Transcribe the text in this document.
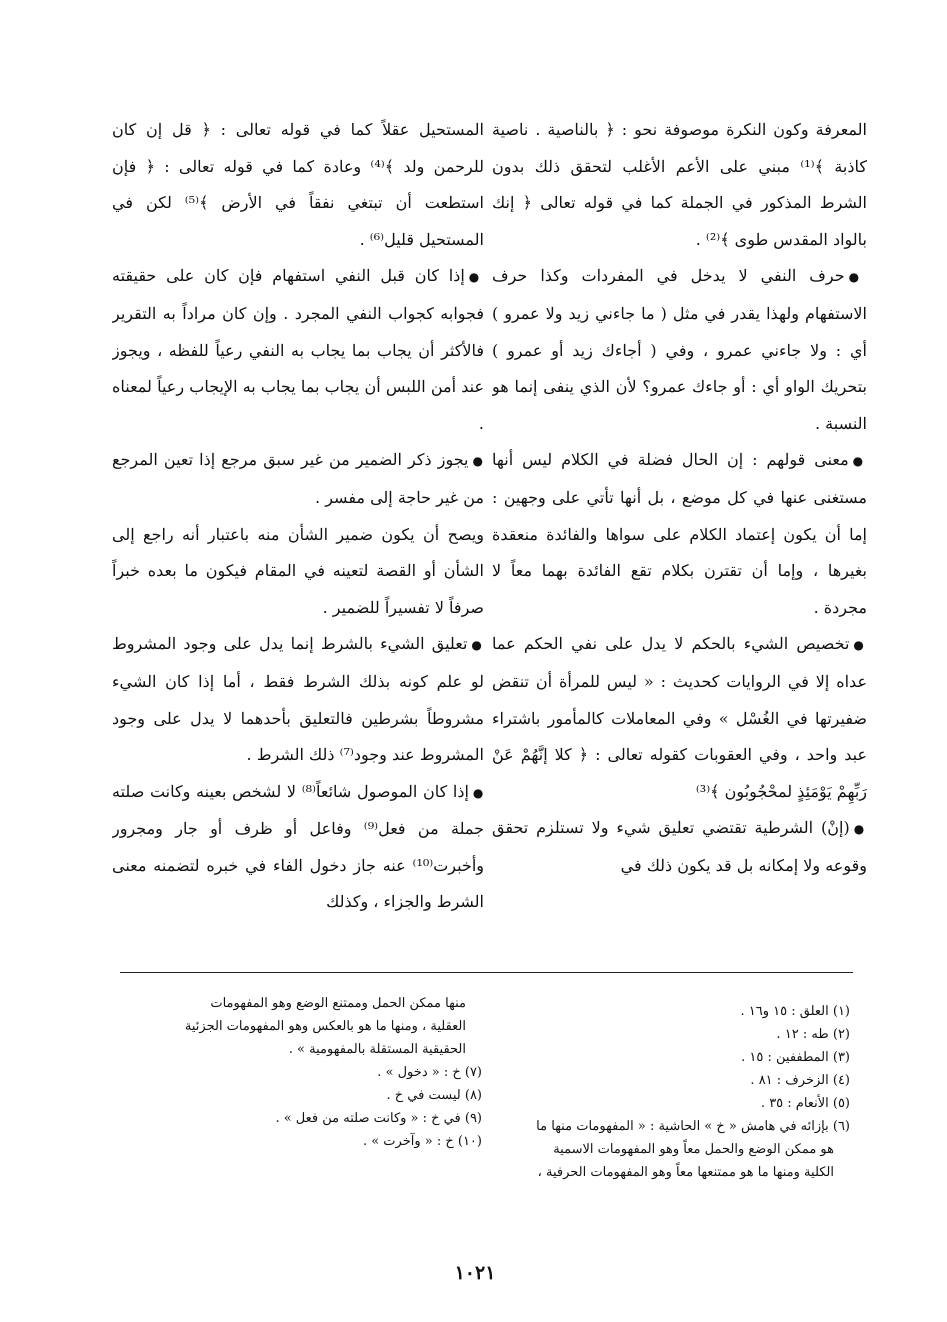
المعرفة وكون النكرة موصوفة نحو : ﴿ بالناصية . ناصية كاذبة ﴾⁽¹⁾ مبني على الأعم الأغلب لتحقق ذلك بدون الشرط المذكور في الجملة كما في قوله تعالى ﴿ إنك بالواد المقدس طوى ﴾⁽²⁾ .

●حرف النفي لا يدخل في المفردات وكذا حرف الاستفهام ولهذا يقدر في مثل ( ما جاءني زيد ولا عمرو ) أي : ولا جاءني عمرو ، وفي ( أجاءك زيد أو عمرو ) بتحريك الواو أي : أو جاءك عمرو؟ لأن الذي ينفى إنما هو النسبة .

●معنى قولهم : إن الحال فضلة في الكلام ليس أنها مستغنى عنها في كل موضع ، بل أنها تأتي على وجهين : إما أن يكون إعتماد الكلام على سواها والفائدة منعقدة بغيرها ، وإما أن تقترن بكلام تقع الفائدة بهما معاً لا مجردة .

●تخصيص الشيء بالحكم لا يدل على نفي الحكم عما عداه إلا في الروايات كحديث : « ليس للمرأة أن تنقض ضفيرتها في الغُسْل » وفي المعاملات كالمأمور باشتراء عبد واحد ، وفي العقوبات كقوله تعالى : ﴿ كلا إنَّهُمْ عَنْ رَبِّهِمْ يَوْمَئِذٍ لمحْجُوبُون ﴾⁽³⁾

●(إنْ) الشرطية تقتضي تعليق شيء ولا تستلزم تحقق وقوعه ولا إمكانه بل قد يكون ذلك في

المستحيل عقلاً كما في قوله تعالى : ﴿ قل إن كان للرحمن ولد ﴾⁽⁴⁾ وعادة كما في قوله تعالى : ﴿ فإن استطعت أن تبتغي نفقاً في الأرض ﴾⁽⁵⁾ لكن في المستحيل قليل⁽⁶⁾ .

●إذا كان قبل النفي استفهام فإن كان على حقيقته فجوابه كجواب النفي المجرد . وإن كان مراداً به التقرير فالأكثر أن يجاب بما يجاب به النفي رعياً للفظه ، ويجوز عند أمن اللبس أن يجاب بما يجاب به الإيجاب رعياً لمعناه .

●يجوز ذكر الضمير من غير سبق مرجع إذا تعين المرجع من غير حاجة إلى مفسر .

ويصح أن يكون ضمير الشأن منه باعتبار أنه راجع إلى الشأن أو القصة لتعينه في المقام فيكون ما بعده خبراً صرفاً لا تفسيراً للضمير .

●تعليق الشيء بالشرط إنما يدل على وجود المشروط لو علم كونه بذلك الشرط فقط ، أما إذا كان الشيء مشروطاً بشرطين فالتعليق بأحدهما لا يدل على وجود المشروط عند وجود⁽⁷⁾ ذلك الشرط .

●إذا كان الموصول شائعاً⁽⁸⁾ لا لشخص بعينه وكانت صلته جملة من فعل⁽⁹⁾ وفاعل أو ظرف أو جار ومجرور وأخبرت⁽¹⁰⁾ عنه جاز دخول الفاء في خبره لتضمنه معنى الشرط والجزاء ، وكذلك

(١) العلق : ١٥ و١٦ .
(٢) طه : ١٢ .
(٣) المطففين : ١٥ .
(٤) الزخرف : ٨١ .
(٥) الأنعام : ٣٥ .
(٦) بإزائه في هامش « خ » الحاشية : « المفهومات منها ما
هو ممكن الوضع والحمل معاً وهو المفهومات الاسمية
الكلية ومنها ما هو ممتنعها معاً وهو المفهومات الحرفية ،
منها ممكن الحمل وممتنع الوضع وهو المفهومات
العقلية ، ومنها ما هو بالعكس وهو المفهومات الجزئية
الحقيقية المستقلة بالمفهومية » .
(٧) خ : « دخول » .
(٨) ليست في خ .
(٩) في خ : « وكانت صلته من فعل » .
(١٠) خ : « وآخرت » .
١٠٢١
